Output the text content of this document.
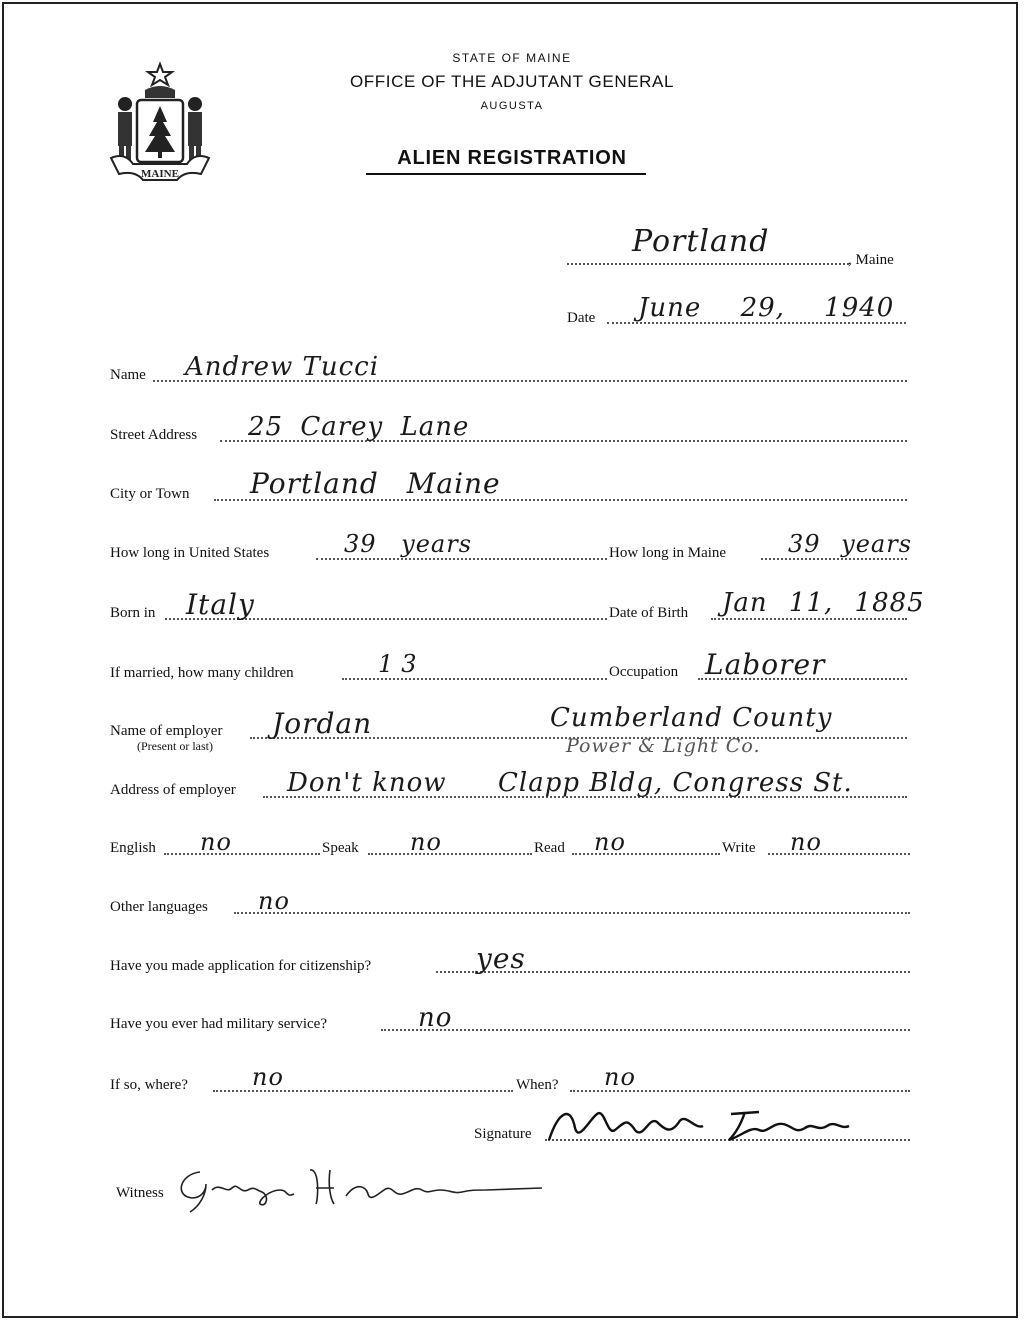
MAINE
STATE OF MAINE
OFFICE OF THE ADJUTANT GENERAL
AUGUSTA
ALIEN REGISTRATION
Portland
, Maine
Date June 29, 1940
Name Andrew Tucci
Street Address 25 Carey Lane
City or Town Portland Maine
How long in United States	39 years	How long in Maine	39 years
Born in Italy	Date of Birth Jan 11, 1885
If married, how many children	13	Occupation Laborer
Name of employer
(Present or last)
Jordan	Cumberland County
Power & Light Co.
Address of employer Don't know Clapp Bldg, Congress St.
English no	Speak no	Read no	Write no
Other languages no
Have you made application for citizenship?	yes
Have you ever had military service?	no
If so, where?	no	When? no
Signature
Witness
